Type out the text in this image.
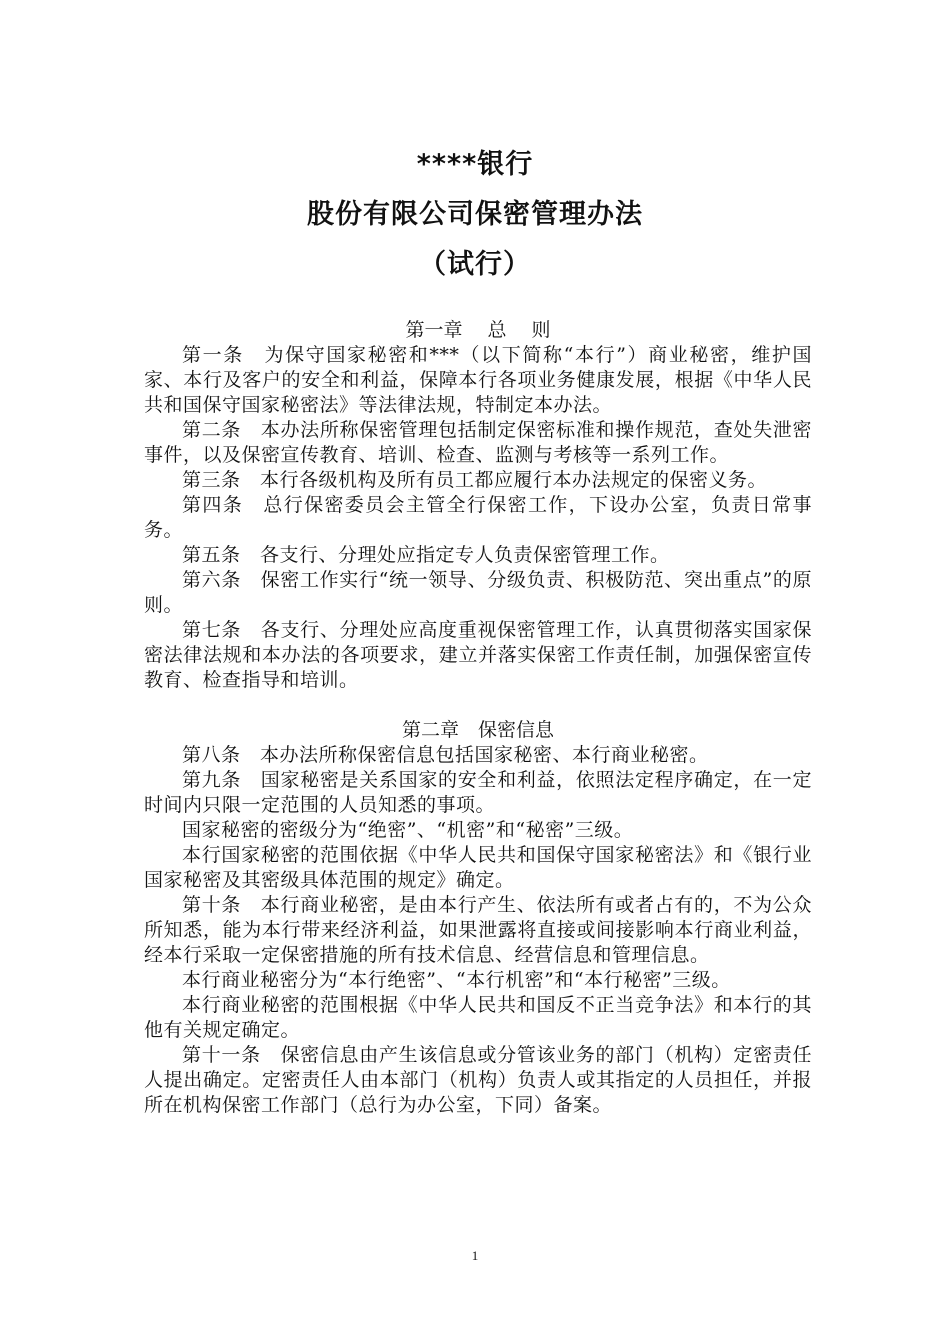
****银行
股份有限公司保密管理办法
（试行）

第一章　 总　 则

第一条　为保守国家秘密和***（以下简称“本行”）商业秘密，维护国家、本行及客户的安全和利益，保障本行各项业务健康发展，根据《中华人民共和国保守国家秘密法》等法律法规，特制定本办法。

第二条　本办法所称保密管理包括制定保密标准和操作规范，查处失泄密事件，以及保密宣传教育、培训、检查、监测与考核等一系列工作。

第三条　本行各级机构及所有员工都应履行本办法规定的保密义务。

第四条　总行保密委员会主管全行保密工作，下设办公室，负责日常事务。

第五条　各支行、分理处应指定专人负责保密管理工作。

第六条　保密工作实行“统一领导、分级负责、积极防范、突出重点”的原则。

第七条　各支行、分理处应高度重视保密管理工作，认真贯彻落实国家保密法律法规和本办法的各项要求，建立并落实保密工作责任制，加强保密宣传教育、检查指导和培训。

第二章　保密信息

第八条　本办法所称保密信息包括国家秘密、本行商业秘密。

第九条　国家秘密是关系国家的安全和利益，依照法定程序确定，在一定时间内只限一定范围的人员知悉的事项。

国家秘密的密级分为“绝密”、“机密”和“秘密”三级。

本行国家秘密的范围依据《中华人民共和国保守国家秘密法》和《银行业国家秘密及其密级具体范围的规定》确定。

第十条　本行商业秘密，是由本行产生、依法所有或者占有的，不为公众所知悉，能为本行带来经济利益，如果泄露将直接或间接影响本行商业利益，经本行采取一定保密措施的所有技术信息、经营信息和管理信息。

本行商业秘密分为“本行绝密”、“本行机密”和“本行秘密”三级。

本行商业秘密的范围根据《中华人民共和国反不正当竞争法》和本行的其他有关规定确定。

第十一条　保密信息由产生该信息或分管该业务的部门（机构）定密责任人提出确定。定密责任人由本部门（机构）负责人或其指定的人员担任，并报所在机构保密工作部门（总行为办公室，下同）备案。

1
